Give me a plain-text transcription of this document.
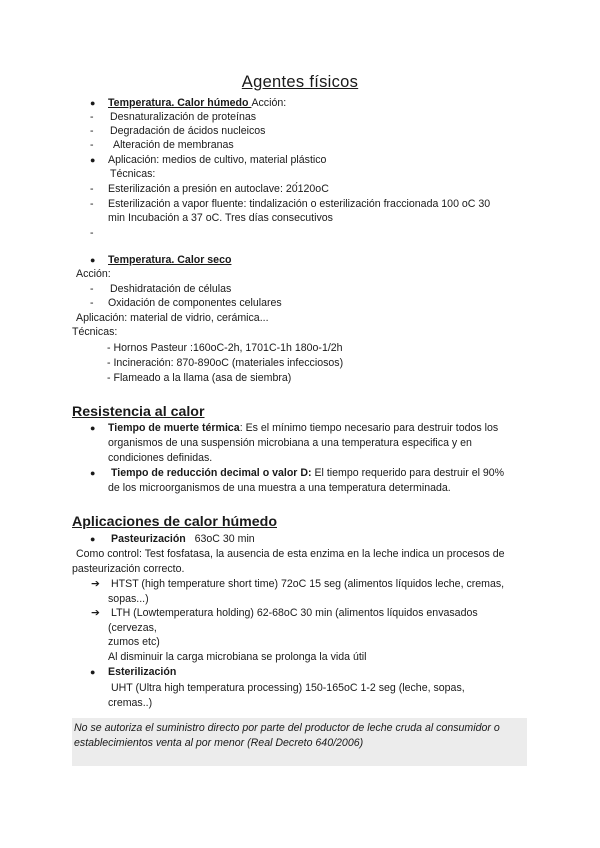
Agentes físicos
● Temperatura. Calor húmedo Acción:
- Desnaturalización de proteínas
- Degradación de ácidos nucleicos
- Alteración de membranas
● Aplicación: medios de cultivo, material plástico
Técnicas:
- Esterilización a presión en autoclave: 20́120oC
- Esterilización a vapor fluente: tindalización o esterilización fraccionada 100 oC 30
min Incubación a 37 oC. Tres días consecutivos
-
● Temperatura. Calor seco
Acción:
- Deshidratación de células
- Oxidación de componentes celulares
Aplicación: material de vidrio, cerámica...
Técnicas:
- Hornos Pasteur :160oC-2h, 1701C-1h 180o-1/2h
- Incineración: 870-890oC (materiales infecciosos)
- Flameado a la llama (asa de siembra)
Resistencia al calor
● Tiempo de muerte térmica: Es el mínimo tiempo necesario para destruir todos los
organismos de una suspensión microbiana a una temperatura especifica y en
condiciones definidas.
● Tiempo de reducción decimal o valor D: El tiempo requerido para destruir el 90%
de los microorganismos de una muestra a una temperatura determinada.
Aplicaciones de calor húmedo
● Pasteurización 63oC 30 min
Como control: Test fosfatasa, la ausencia de esta enzima en la leche indica un procesos de
pasteurización correcto.
➔ HTST (high temperature short time) 72oC 15 seg (alimentos líquidos leche, cremas,
sopas...)
➔ LTH (Lowtemperatura holding) 62-68oC 30 min (alimentos líquidos envasados
(cervezas,
zumos etc)
Al disminuir la carga microbiana se prolonga la vida útil
● Esterilización
UHT (Ultra high temperatura processing) 150-165oC 1-2 seg (leche, sopas,
cremas..)
No se autoriza el suministro directo por parte del productor de leche cruda al consumidor o
establecimientos venta al por menor (Real Decreto 640/2006)
